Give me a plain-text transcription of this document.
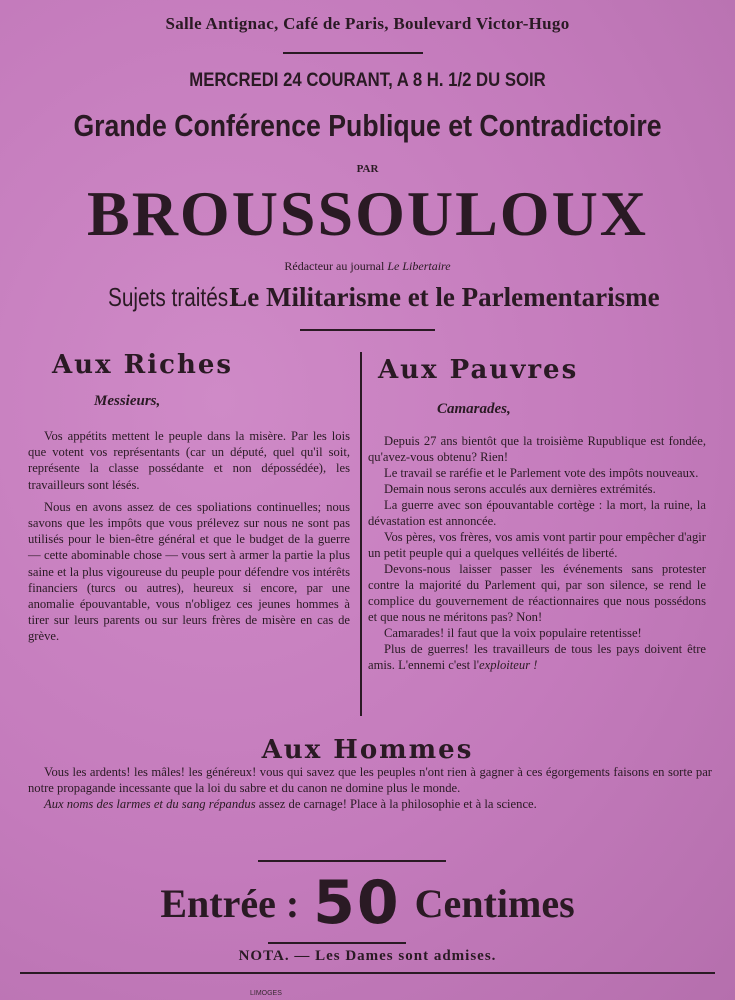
Salle Antignac, Café de Paris, Boulevard Victor-Hugo
MERCREDI 24 COURANT, A 8 H. 1/2 DU SOIR
Grande Conférence Publique et Contradictoire
PAR
BROUSSOULOUX
Rédacteur au journal Le Libertaire
Sujets traités : Le Militarisme et le Parlementarisme
Aux Riches
Messieurs,

Vos appétits mettent le peuple dans la misère. Par les lois que votent vos représentants (car un député, quel qu'il soit, représente la classe possédante et non dépossédée), les travailleurs sont lésés.

Nous en avons assez de ces spoliations continuelles; nous savons que les impôts que vous prélevez sur nous ne sont pas utilisés pour le bien-être général et que le budget de la guerre — cette abominable chose — vous sert à armer la partie la plus saine et la plus vigoureuse du peuple pour défendre vos intérêts financiers (turcs ou autres), heureux si encore, par une anomalie épouvantable, vous n'obligez ces jeunes hommes à tirer sur leurs parents ou sur leurs frères de misère en cas de grève.

Aux Pauvres
Camarades,

Depuis 27 ans bientôt que la troisième Rupublique est fondée, qu'avez-vous obtenu? Rien!

Le travail se raréfie et le Parlement vote des impôts nouveaux.

Demain nous serons acculés aux dernières extrémités.

La guerre avec son épouvantable cortège : la mort, la ruine, la dévastation est annoncée.

Vos pères, vos frères, vos amis vont partir pour empêcher d'agir un petit peuple qui a quelques velléités de liberté.

Devons-nous laisser passer les événements sans protester contre la majorité du Parlement qui, par son silence, se rend le complice du gouvernement de réactionnaires que nous possédons et que nous ne méritons pas? Non!

Camarades! il faut que la voix populaire retentisse!

Plus de guerres! les travailleurs de tous les pays doivent être amis. L'ennemi c'est l'exploiteur !

Aux Hommes

Vous les ardents! les mâles! les généreux! vous qui savez que les peuples n'ont rien à gagner à ces égorgements faisons en sorte par notre propagande incessante que la loi du sabre et du canon ne domine plus le monde.

Aux noms des larmes et du sang répandus assez de carnage! Place à la philosophie et à la science.

Entrée : 50 Centimes
NOTA. — Les Dames sont admises.
LIMOGES
